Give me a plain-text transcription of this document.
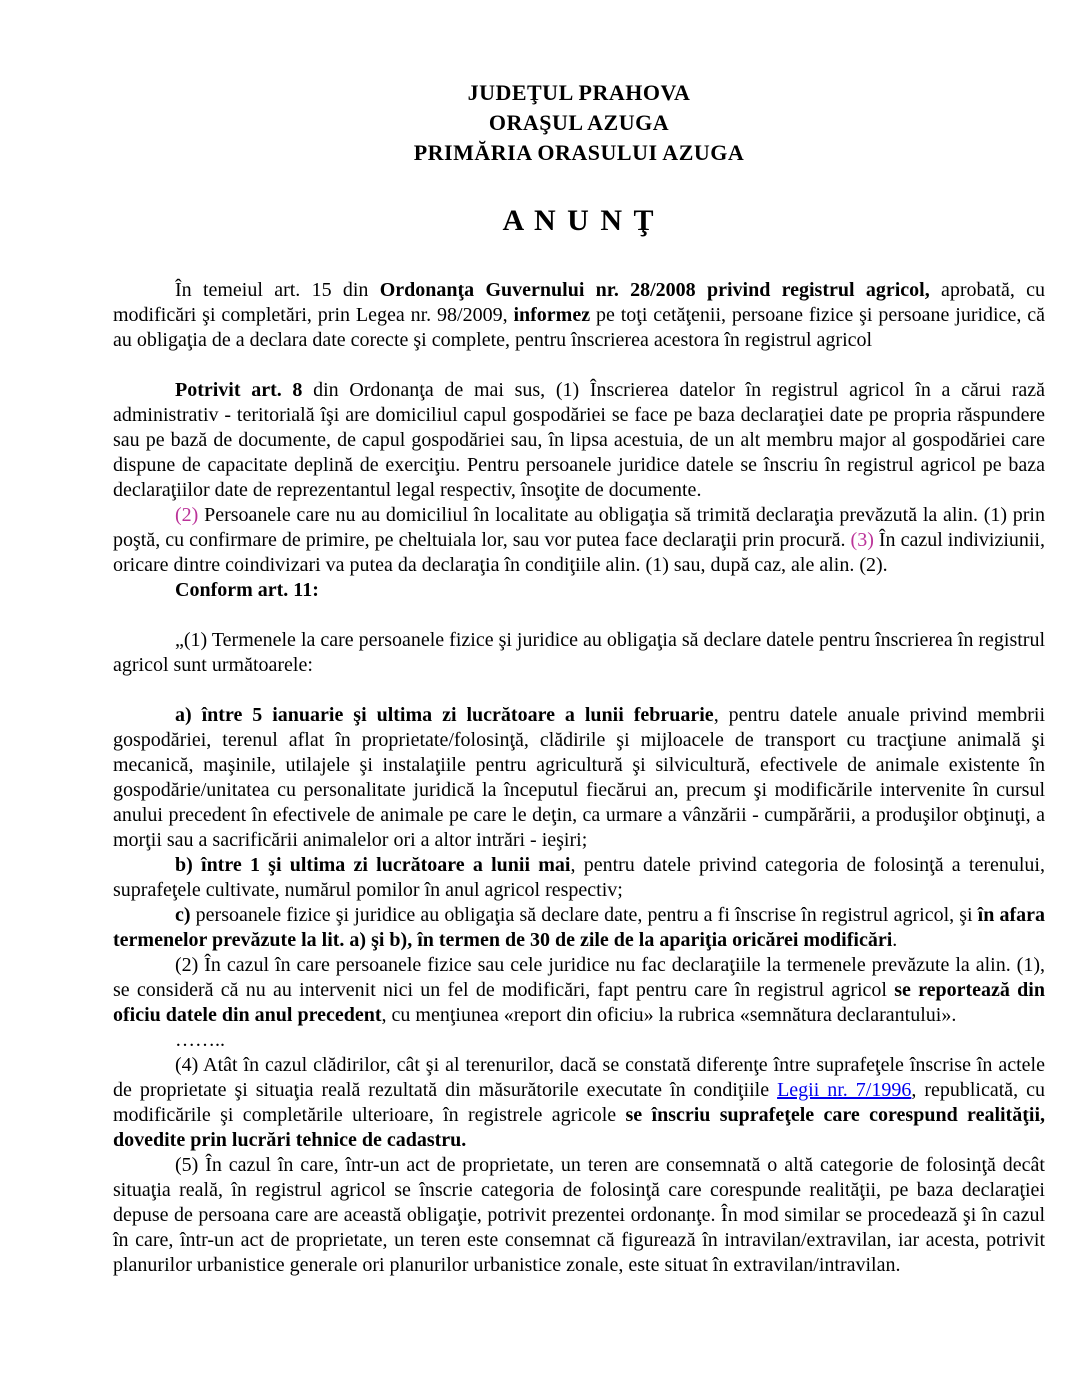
JUDEŢUL PRAHOVA
ORAŞUL AZUGA
PRIMĂRIA ORASULUI AZUGA
A N U N Ţ

În temeiul art. 15 din Ordonanţa Guvernului nr. 28/2008 privind registrul agricol, aprobată, cu modificări şi completări, prin Legea nr. 98/2009, informez pe toţi cetăţenii, persoane fizice şi persoane juridice, că au obligaţia de a declara date corecte şi complete, pentru înscrierea acestora în registrul agricol

Potrivit art. 8 din Ordonanţa de mai sus, (1) Înscrierea datelor în registrul agricol în a cărui rază administrativ - teritorială îşi are domiciliul capul gospodăriei se face pe baza declaraţiei date pe propria răspundere sau pe bază de documente, de capul gospodăriei sau, în lipsa acestuia, de un alt membru major al gospodăriei care dispune de capacitate deplină de exerciţiu. Pentru persoanele juridice datele se înscriu în registrul agricol pe baza declaraţiilor date de reprezentantul legal respectiv, însoţite de documente.

(2) Persoanele care nu au domiciliul în localitate au obligaţia să trimită declaraţia prevăzută la alin. (1) prin poştă, cu confirmare de primire, pe cheltuiala lor, sau vor putea face declaraţii prin procură. (3) În cazul indiviziunii, oricare dintre coindivizari va putea da declaraţia în condiţiile alin. (1) sau, după caz, ale alin. (2).

Conform art. 11:

„(1) Termenele la care persoanele fizice şi juridice au obligaţia să declare datele pentru înscrierea în registrul agricol sunt următoarele:

a) între 5 ianuarie şi ultima zi lucrătoare a lunii februarie, pentru datele anuale privind membrii gospodăriei, terenul aflat în proprietate/folosinţă, clădirile şi mijloacele de transport cu tracţiune animală şi mecanică, maşinile, utilajele şi instalaţiile pentru agricultură şi silvicultură, efectivele de animale existente în gospodărie/unitatea cu personalitate juridică la începutul fiecărui an, precum şi modificările intervenite în cursul anului precedent în efectivele de animale pe care le deţin, ca urmare a vânzării - cumpărării, a produşilor obţinuţi, a morţii sau a sacrificării animalelor ori a altor intrări - ieşiri;

b) între 1 şi ultima zi lucrătoare a lunii mai, pentru datele privind categoria de folosinţă a terenului, suprafeţele cultivate, numărul pomilor în anul agricol respectiv;

c) persoanele fizice şi juridice au obligaţia să declare date, pentru a fi înscrise în registrul agricol, şi în afara termenelor prevăzute la lit. a) şi b), în termen de 30 de zile de la apariţia oricărei modificări.

(2) În cazul în care persoanele fizice sau cele juridice nu fac declaraţiile la termenele prevăzute la alin. (1), se consideră că nu au intervenit nici un fel de modificări, fapt pentru care în registrul agricol se reportează din oficiu datele din anul precedent, cu menţiunea «report din oficiu» la rubrica «semnătura declarantului».

……..

(4) Atât în cazul clădirilor, cât şi al terenurilor, dacă se constată diferenţe între suprafeţele înscrise în actele de proprietate şi situaţia reală rezultată din măsurătorile executate în condiţiile Legii nr. 7/1996, republicată, cu modificările şi completările ulterioare, în registrele agricole se înscriu suprafeţele care corespund realităţii, dovedite prin lucrări tehnice de cadastru.

(5) În cazul în care, într-un act de proprietate, un teren are consemnată o altă categorie de folosinţă decât situaţia reală, în registrul agricol se înscrie categoria de folosinţă care corespunde realităţii, pe baza declaraţiei depuse de persoana care are această obligaţie, potrivit prezentei ordonanţe. În mod similar se procedează şi în cazul în care, într-un act de proprietate, un teren este consemnat că figurează în intravilan/extravilan, iar acesta, potrivit planurilor urbanistice generale ori planurilor urbanistice zonale, este situat în extravilan/intravilan.
